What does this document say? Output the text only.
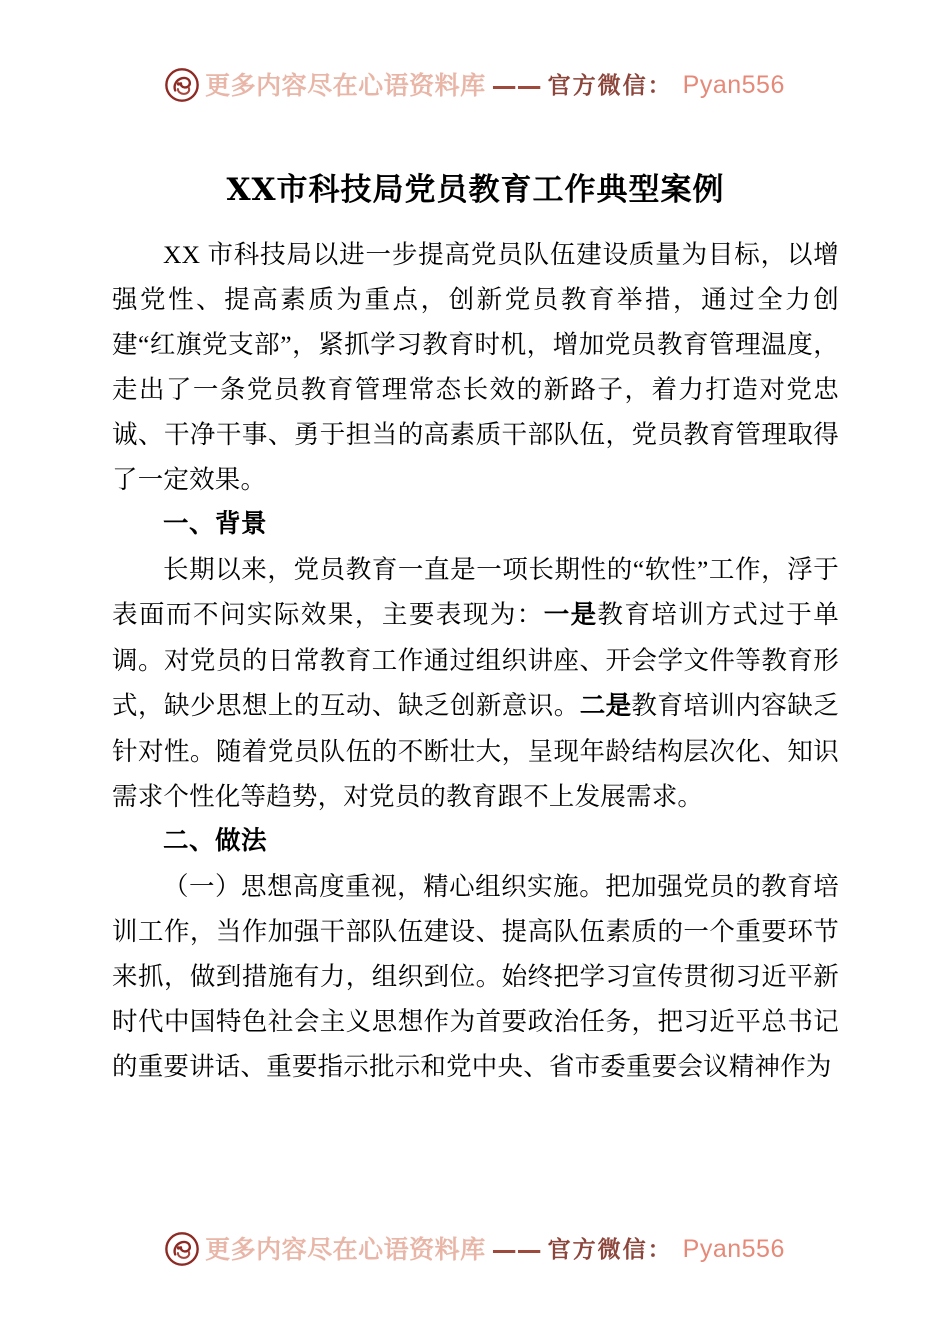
更多内容尽在心语资料库 —— 官方微信： Pyan556
XX市科技局党员教育工作典型案例

XX 市科技局以进一步提高党员队伍建设质量为目标，以增强党性、提高素质为重点，创新党员教育举措，通过全力创建“红旗党支部”，紧抓学习教育时机，增加党员教育管理温度，走出了一条党员教育管理常态长效的新路子，着力打造对党忠诚、干净干事、勇于担当的高素质干部队伍，党员教育管理取得了一定效果。

一、背景

长期以来，党员教育一直是一项长期性的“软性”工作，浮于表面而不问实际效果，主要表现为：一是教育培训方式过于单调。对党员的日常教育工作通过组织讲座、开会学文件等教育形式，缺少思想上的互动、缺乏创新意识。二是教育培训内容缺乏针对性。随着党员队伍的不断壮大，呈现年龄结构层次化、知识需求个性化等趋势，对党员的教育跟不上发展需求。

二、做法

（一）思想高度重视，精心组织实施。把加强党员的教育培训工作，当作加强干部队伍建设、提高队伍素质的一个重要环节来抓，做到措施有力，组织到位。始终把学习宣传贯彻习近平新时代中国特色社会主义思想作为首要政治任务，把习近平总书记的重要讲话、重要指示批示和党中央、省市委重要会议精神作为

更多内容尽在心语资料库 —— 官方微信： Pyan556
